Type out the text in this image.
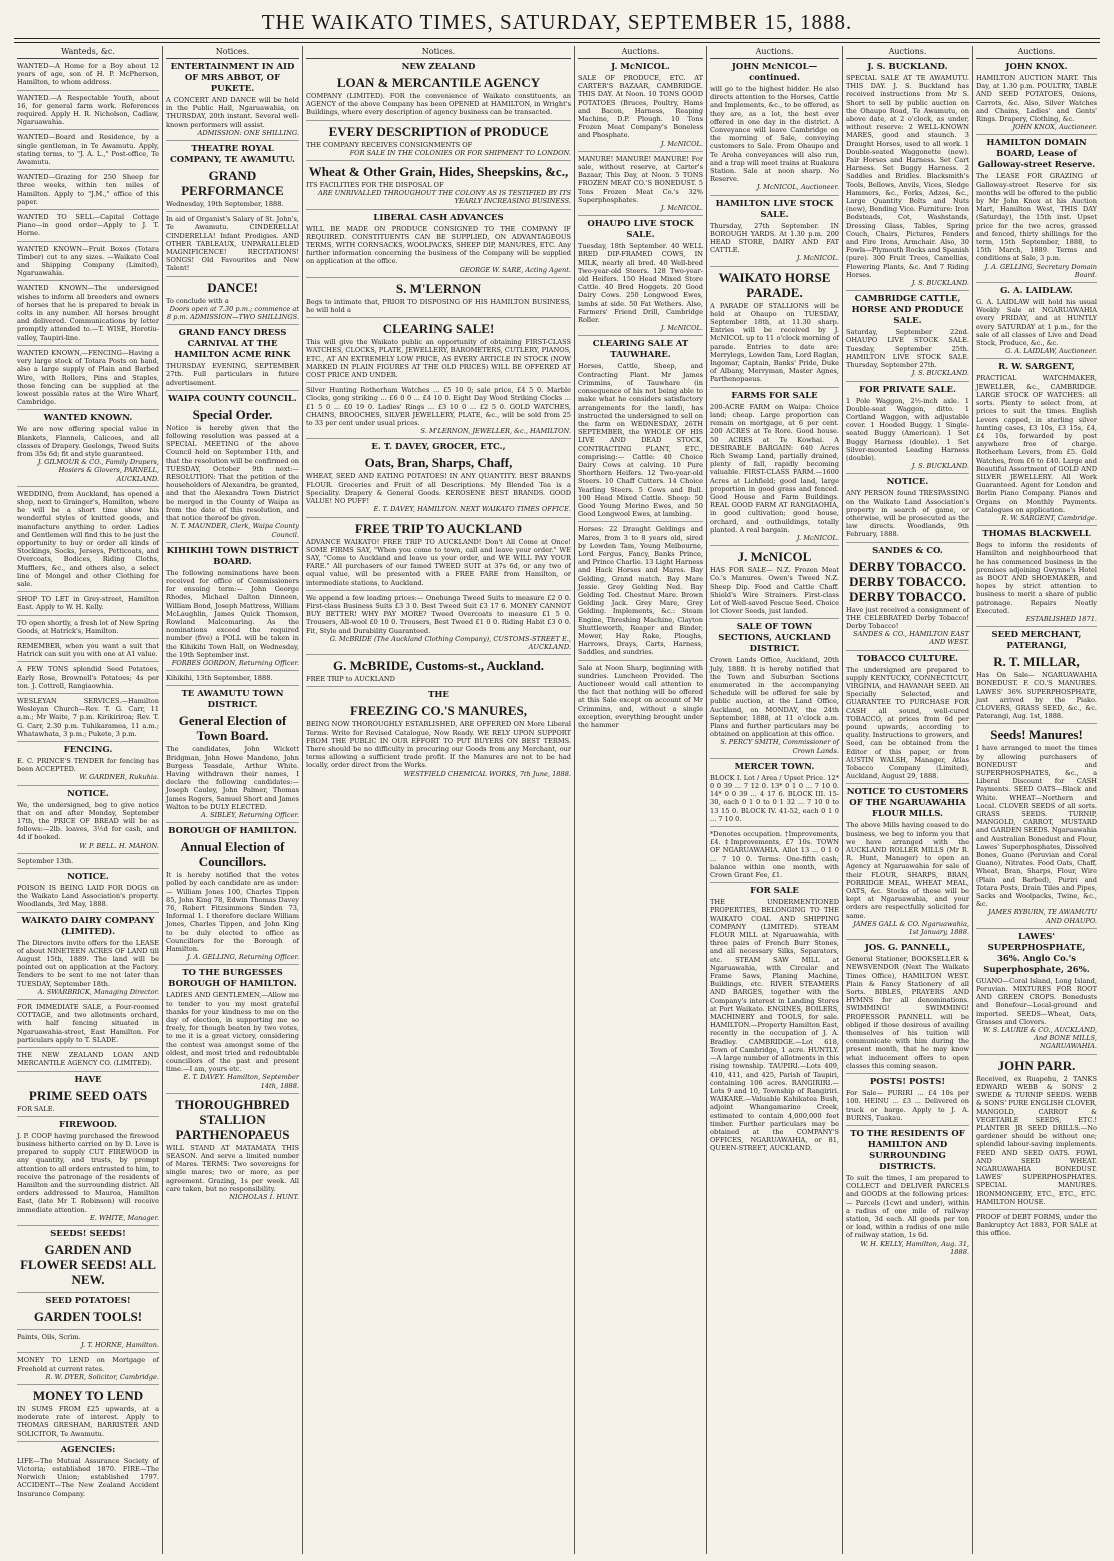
THE WAIKATO TIMES, SATURDAY, SEPTEMBER 15, 1888.
Wanteds, &c.
WANTED—A Home for a Boy about 12 years of age, son of H. P. McPherson, Hamilton, to whom address.
WANTED.—A Respectable Youth, about 16, for general farm work. References required. Apply H. R. Nicholson, Cadlaw, Ngaruawahia.
WANTED—Board and Residence, by a single gentleman, in Te Awamutu. Apply, stating terms, to "J. A. L.," Post-office, Te Awamutu.
WANTED—Grazing for 250 Sheep for three weeks, within ten miles of Hamilton. Apply to "J.M.," office of this paper.
WANTED TO SELL—Capital Cottage Piano—in good order—Apply to J. T. Horne.
WANTED KNOWN—Fruit Boxes (Totara Timber) cut to any sizes. —Waikato Coal and Shipping Company (Limited), Ngaruawahia.
WANTED KNOWN—The undersigned wishes to inform all breeders and owners of horses that he is prepared to break in colts in any number. All horses brought and delivered. Communications by letter promptly attended to.—T. WISE, Horotiu-valley, Taupiri-line.
WANTED KNOWN,—FENCING—Having a very large stock of Totara Posts on hand, also a large supply of Plain and Barbed Wire, with Rollers, Pins and Staples, those fencing can be supplied at the lowest possible rates at the Wire Wharf, Cambridge.
WANTED KNOWN.
We are now offering special value in Blankets, Flannels, Calicoes, and all classes of Drapery. Geelongs, Tweed Suits from 35s 6d; fit and style guaranteed.
J. GILMOUR & CO., Family Drapers, Hosiers & Glovers, PARNELL, AUCKLAND.
WEDDING, from Auckland, has opened a shop, next to Grainger's, Hamilton, where he will be a short time show his wonderful styles of knitted goods, and manufacture anything to order. Ladies and Gentlemen will find this to be just the opportunity to buy or order all kinds of Stockings, Socks, Jerseys, Petticoats, and Overcoats, Bodices, Riding Cloths, Mufflers, &c., and others also, a select line of Mongel and other Clothing for sale.
SHOP TO LET in Grey-street, Hamilton East. Apply to W. H. Kelly.
TO open shortly, a fresh lot of New Spring Goods, at Hatrick's, Hamilton.
REMEMBER, when you want a suit that Hatrick can suit you with one at A1 value.
A FEW TONS splendid Seed Potatoes, Early Rose, Brownell's Potatoes; 4s per ton. J. Cottrell, Rangiaowhia.
WESLEYAN SERVICES.—Hamilton Wesleyan Church—Rev. T. G. Carr, 11 a.m.; Mr Waite, 7 p.m. Kirikiriroa; Rev. T. G. Carr, 2.30 p.m. Tuhikaramea, 11 a.m.; Whatawhata, 3 p.m.; Pukete, 3 p.m.
FENCING.
E. C. PRINCE'S TENDER for fencing has been ACCEPTED.
W. GARDNER, Rukuhia.
NOTICE.
We, the undersigned, beg to give notice that on and after Monday, September 17th, the PRICE OF BREAD will be as follows:—2lb. loaves, 3½d for cash, and 4d if booked.
W. P. BELL. H. MAHON.
September 13th.
NOTICE.
POISON IS BEING LAID FOR DOGS on the Waikato Land Association's property. Woodlands, 3rd May, 1888.
WAIKATO DAIRY COMPANY (LIMITED).
The Directors invite offers for the LEASE of about NINETEEN ACRES OF LAND till August 15th, 1889. The land will be pointed out on application at the Factory. Tenders to be sent to me not later than TUESDAY, September 18th.
A. SWARBRICK, Managing Director.
FOR IMMEDIATE SALE, a Four-roomed COTTAGE, and two allotments orchard, with half fencing situated in Ngaruawahia-street, East Hamilton. For particulars apply to T. SLADE.
THE NEW ZEALAND LOAN AND MERCANTILE AGENCY CO. (LIMITED).
HAVE
PRIME SEED OATS
FOR SALE.
FIREWOOD.
J. P. COOP having purchased the firewood business hitherto carried on by D. Love is prepared to supply CUT FIREWOOD in any quantity, and trusts, by prompt attention to all orders entrusted to him, to receive the patronage of the residents of Hamilton and the surrounding district. All orders addressed to Mauroa, Hamilton East, (late Mr T. Robinson) will receive immediate attention.
E. WHITE, Manager.
SEEDS! SEEDS!
GARDEN AND FLOWER SEEDS! ALL NEW.
SEED POTATOES!
GARDEN TOOLS!
Paints, Oils, Scrim.
J. T. HORNE, Hamilton.
MONEY TO LEND on Mortgage of Freehold at current rates.
R. W. DYER, Solicitor, Cambridge.
MONEY TO LEND
IN SUMS FROM £25 upwards, at a moderate rate of interest. Apply to THOMAS GRESHAM, BARRISTER AND SOLICITOR, Te Awamutu.
AGENCIES:
LIFE—The Mutual Assurance Society of Victoria; established 1870. FIRE—The Norwich Union; established 1797. ACCIDENT—The New Zealand Accident Insurance Company.
Notices.
ENTERTAINMENT IN AID OF MRS ABBOT, OF PUKETE.
A CONCERT AND DANCE will be held in the Public Hall, Ngaruawahia, on THURSDAY, 20th instant. Several well-known performers will assist.
ADMISSION: ONE SHILLING.
THEATRE ROYAL COMPANY, TE AWAMUTU.
GRAND PERFORMANCE
Wednesday, 19th September, 1888.
In aid of Organist's Salary of St. John's, Te Awamutu. CINDERELLA! CINDERELLA! Infant Prodigies. AND OTHER TABLEAUX, UNPARALLELED MAGNIFICENCE! RECITATIONS! SONGS! Old Favourites and New Talent!
DANCE!
To conclude with a
Doors open at 7.30 p.m.; commence at 8 p.m. ADMISSION—TWO SHILLINGS.
GRAND FANCY DRESS CARNIVAL AT THE HAMILTON ACME RINK
THURSDAY EVENING, SEPTEMBER 27th. Full particulars in future advertisement.
WAIPA COUNTY COUNCIL.
Special Order.
Notice is hereby given that the following resolution was passed at a SPECIAL MEETING of the above Council held on September 11th, and that the resolution will be confirmed on TUESDAY, October 9th next:—RESOLUTION: That the petition of the householders of Alexandra, be granted, and that the Alexandra Town District be merged in the County of Waipa as from the date of this resolution, and that notice thereof be given.
N. T. MAUNDER, Clerk, Waipa County Council.
KIHIKIHI TOWN DISTRICT BOARD.
The following nominations have been received for office of Commissioners for ensuing term:— John George Rhodes, Michael Dalton Dinneen, William Bond, Joseph Mattress, William McLaughlin, James Quick Thomson, Rowland Malcomaring. As the nominations exceed the required number (five) a POLL will be taken in the Kihikihi Town Hall, on Wednesday, the 19th September inst.
FORBES GORDON, Returning Officer.
Kihikihi, 13th September, 1888.
TE AWAMUTU TOWN DISTRICT.
General Election of Town Board.
The candidates, John Wickett Bridgman, John Howe Mandeno, John Burgess Teasdale, Arthur White. Having withdrawn their names, I declare the following candidates:— Joseph Cauley, John Palmer, Thomas James Rogers, Samuel Short and James Walton to be DULY ELECTED.
A. SIBLEY, Returning Officer.
BOROUGH OF HAMILTON.
Annual Election of Councillors.
It is hereby notified that the votes polled by each candidate are as under:— William Jones 100, Charles Tippen 85, John King 78, Edwin Thomas Davey 76, Robert Fitzsimmons Sinden 73, Informal 1. I therefore declare William Jones, Charles Tippen, and John King to be duly elected to office as Councillors for the Borough of Hamilton.
J. A. GELLING, Returning Officer.
TO THE BURGESSES BOROUGH OF HAMILTON.
LADIES AND GENTLEMEN,—Allow me to tender to you my most grateful thanks for your kindness to me on the day of election, in supporting me so freely, for though beaten by two votes, to me it is a great victory, considering the contest was amongst some of the oldest, and most tried and redoubtable councillors of the past and present time.—I am, yours etc.
E. T. DAVEY. Hamilton, September 14th, 1888.
THOROUGHBRED STALLION PARTHENOPAEUS
WILL STAND AT MATAMATA THIS SEASON. And serve a limited number of Mares. TERMS: Two sovereigns for single mares; two or more, as per agreement. Grazing, 1s per week. All care taken, but no responsibility.
NICHOLAS I. HUNT.
Notices.
NEW ZEALAND
LOAN & MERCANTILE AGENCY
COMPANY (LIMITED). FOR the convenience of Waikato constituents, an AGENCY of the above Company has been OPENED at HAMILTON, in Wright's Buildings, where every description of agency business can be transacted.
EVERY DESCRIPTION of PRODUCE
THE COMPANY RECEIVES CONSIGNMENTS OF
FOR SALE IN THE COLONIES OR FOR SHIPMENT TO LONDON.
Wheat & Other Grain, Hides, Sheepskins, &c.,
ITS FACILITIES FOR THE DISPOSAL OF
ARE UNRIVALLED THROUGHOUT THE COLONY AS IS TESTIFIED BY ITS YEARLY INCREASING BUSINESS.
LIBERAL CASH ADVANCES
WILL BE MADE ON PRODUCE CONSIGNED TO THE COMPANY IF REQUIRED. CONSTITUENTS CAN BE SUPPLIED, ON ADVANTAGEOUS TERMS, WITH CORNSACKS, WOOLPACKS, SHEEP DIP, MANURES, ETC. Any further information concerning the business of the Company will be supplied on application at the office.
GEORGE W. SARE, Acting Agent.
S. M'LERNON
Begs to intimate that, PRIOR TO DISPOSING OF HIS HAMILTON BUSINESS, he will hold a
CLEARING SALE!
This will give the Waikato public an opportunity of obtaining FIRST-CLASS WATCHES, CLOCKS, PLATE, JEWELLERY, BAROMETERS, CUTLERY, PIANOS, ETC., AT AN EXTREMELY LOW PRICE, AS EVERY ARTICLE IN STOCK (NOW MARKED IN PLAIN FIGURES AT THE OLD PRICES) WILL BE OFFERED AT COST PRICE AND UNDER.
Silver Hunting Rotherham Watches ... £5 10 0; sale price, £4 5 0. Marble Clocks, gong striking ... £6 0 0 ... £4 10 0. Eight Day Wood Striking Clocks ... £1 5 0 ... £0 19 0. Ladies' Rings ... £3 10 0 ... £2 5 0. GOLD WATCHES, CHAINS, BROOCHES, SILVER JEWELLERY, PLATE, &c., will be sold from 25 to 33 per cent under usual prices.
S. M'LERNON, JEWELLER, &c., HAMILTON.
E. T. DAVEY, GROCER, ETC.,
Oats, Bran, Sharps, Chaff,
WHEAT, SEED AND EATING POTATOES! IN ANY QUANTITY. BEST BRANDS FLOUR. Groceries and Fruit of all Descriptions. My Blended Tea is a Speciality. Drapery & General Goods. KEROSENE BEST BRANDS. GOOD VALUE! NO PUFF!
E. T. DAVEY, HAMILTON. NEXT WAIKATO TIMES OFFICE.
FREE TRIP TO AUCKLAND
ADVANCE WAIKATO! FREE TRIP TO AUCKLAND! Don't All Come at Once! SOME FIRMS SAY, "When you come to town, call and leave your order." WE SAY, "Come to Auckland and leave us your order, and WE WILL PAY YOUR FARE." All purchasers of our famed TWEED SUIT at 37s 6d, or any two of equal value, will be presented with a FREE FARE from Hamilton, or intermediate stations, to Auckland.
We append a few leading prices:— Onehunga Tweed Suits to measure £2 0 0. First-class Business Suits £3 3 0. Best Tweed Suit £3 17 6. MONEY CANNOT BUY BETTER! WHY PAY MORE? Tweed Overcoats to measure £1 5 0. Trousers, All-wool £0 10 0. Trousers, Best Tweed £1 0 0. Riding Habit £3 0 0. Fit, Style and Durability Guaranteed.
G. McBRIDE (The Auckland Clothing Company), CUSTOMS-STREET E., AUCKLAND.
G. McBRIDE, Customs-st., Auckland.
FREE TRIP to AUCKLAND
THE
FREEZING CO.'S MANURES,
BEING NOW THOROUGHLY ESTABLISHED, ARE OFFERED ON More Liberal Terms. Write for Revised Catalogue, Now Ready. WE RELY UPON SUPPORT FROM THE PUBLIC IN OUR EFFORT TO PUT BUYERS ON BEST TERMS. There should be no difficulty in procuring our Goods from any Merchant, our terms allowing a sufficient trade profit. If the Manures are not to be had locally, order direct from the Works.
WESTFIELD CHEMICAL WORKS, 7th June, 1888.
Auctions.
J. McNICOL.
SALE OF PRODUCE, ETC. AT CARTER'S BAZAAR, CAMBRIDGE. THIS DAY. At Noon. 10 TONS GOOD POTATOES (Bruces, Poultry, Hams and Bacon, Harness, Reaping Machine, D.P. Plough. 10 Tons Frozen Meat Company's Boneless and Phosphate.
J. McNICOL.
MANURE! MANURE! MANURE! For sale, without reserve, at Carter's Bazaar, This Day, at Noon. 5 TONS FROZEN MEAT CO.'S BONEDUST. 5 Tons Frozen Meat Co.'s 32% Superphosphates.
J. McNICOL.
OHAUPO LIVE STOCK SALE.
Tuesday, 18th September. 40 WELL BRED DIP-FRAMED COWS, IN MILK, nearly all bred. 40 Well-bred Two-year-old Steers. 128 Two-year-old Heifers. 150 Head Mixed Store Cattle. 40 Bred Hoggets. 20 Good Dairy Cows. 250 Longwood Ewes, lambs at side. 50 Fat Wethers. Also, Farmers' Friend Drill, Cambridge Roller.
J. McNICOL.
CLEARING SALE AT TAUWHARE.
Horses, Cattle, Sheep, and Contracting Plant. Mr James Crimmins, of Tauwhare (in consequence of his not being able to make what he considers satisfactory arrangements for the land), has instructed the undersigned to sell on the farm on WEDNESDAY, 26TH SEPTEMBER, the WHOLE OF HIS LIVE AND DEAD STOCK, CONTRACTING PLANT, ETC., comprising:— Cattle: 40 Choice Dairy Cows at calving. 10 Pure Shorthorn Heifers. 12 Two-year-old Steers. 10 Chaff Cutters. 14 Choice Yearling Steers. 5 Cows and Bull. 100 Head Mixed Cattle. Sheep: 50 Good Young Merino Ewes, and 50 Good Longwool Ewes, at lambing.
Horses: 22 Draught Geldings and Mares, from 3 to 8 years old, sired by Lowden Tam, Young Melbourne, Lord Fergus, Fancy, Banks Prince, and Prince Charlie. 13 Light Harness and Hack Horses and Mares. Bay Gelding, Grand match. Bay Mare Jessie. Grey Gelding Ned. Bay Gelding Ted. Chestnut Mare. Brown Gelding Jack. Grey Mare, Grey Gelding. Implements, &c.: Steam Engine, Threshing Machine, Clayton Shuttleworth, Reaper and Binder, Mower, Hay Rake, Ploughs, Harrows, Drays, Carts, Harness, Saddles, and sundries.
Sale at Noon Sharp, beginning with sundries. Luncheon Provided. The Auctioneer would call attention to the fact that nothing will be offered at this Sale except on account of Mr Crimmins, and, without a single exception, everything brought under the hammer
Auctions.
JOHN McNICOL—continued.
will go to the highest bidder. He also directs attention to the Horses, Cattle and Implements, &c., to be offered, as they are, as a lot, the best ever offered in one day in the district. A Conveyance will leave Cambridge on the morning of Sale, conveying customers to Sale. From Ohaupo and Te Aroha conveyances will also run, and a trap will meet trains at Ruakura Station. Sale at noon sharp. No Reserve.
J. McNICOL, Auctioneer.
HAMILTON LIVE STOCK SALE.
Thursday, 27th September. IN BOROUGH YARDS. At 1.30 p.m. 200 HEAD STORE, DAIRY AND FAT CATTLE.
J. McNICOL.
WAIKATO HORSE PARADE.
A PARADE OF STALLIONS will be held at Ohaupo on TUESDAY, September 18th, at 11.30 sharp. Entries will be received by J. McNICOL up to 11 o'clock morning of parade. Entries to date are: Merrylegs, Lowden Tam, Lord Raglan, Ingomar, Captain, Banks' Pride, Duke of Albany, Merryman, Master Agnes, Parthenopaeus.
FARMS FOR SALE
200-ACRE FARM on Waipa: Choice land; cheap. Large proportion can remain on mortgage, at 6 per cent. 200 ACRES at Te Rore. Good house. 50 ACRES at Te Kowhai. A DESIRABLE BARGAIN: 640 Acres Rich Swamp Land, partially drained, plenty of fall, rapidly becoming valuable. FIRST-CLASS FARM.—1600 Acres at Lichfield; good land, large proportion in good grass and fenced. Good House and Farm Buildings. REAL GOOD FARM AT RANGIAOHIA, in good cultivation; good house, orchard, and outbuildings, totally planted. A real bargain.
J. McNICOL.
J. McNICOL
HAS FOR SALE— N.Z. Frozen Meat Co.'s Manures. Owen's Tweed N.Z. Sheep Dip. Food and Cattle Chaff. Shield's Wire Strainers. First-class Lot of Well-saved Fescue Seed. Choice lot Clover Seeds, just landed.
SALE OF TOWN SECTIONS, AUCKLAND DISTRICT.
Crown Lands Office, Auckland, 20th July, 1888. It is hereby notified that the Town and Suburban Sections enumerated in the accompanying Schedule will be offered for sale by public auction, at the Land Office, Auckland, on MONDAY, the 24th September, 1888, at 11 o'clock a.m. Plans and further particulars may be obtained on application at this office.
S. PERCY SMITH, Commissioner of Crown Lands.
MERCER TOWN.
BLOCK I. Lot / Area / Upset Price. 12* 0 0 39 ... 7 12 0. 13* 0 1 0 ... 7 10 0. 14* 0 0 39 ... 4 17 6. BLOCK III. 15-30, each 0 1 0 to 0 1 32 ... 7 10 0 to 13 15 0. BLOCK IV. 41-52, each 0 1 0 ... 7 10 0.
*Denotes occupation. †Improvements, £4. ‡Improvements, £7 10s. TOWN OF NGARUAWAHIA. Allot 13 ... 0 1 0 ... 7 10 0. Terms: One-fifth cash; balance within one month, with Crown Grant Fee, £1.
FOR SALE
THE UNDERMENTIONED PROPERTIES, BELONGING TO THE WAIKATO COAL AND SHIPPING COMPANY (LIMITED). STEAM FLOUR MILL at Ngaruawahia, with three pairs of French Burr Stones, and all necessary Silks, Separators, etc. STEAM SAW MILL at Ngaruawahia, with Circular and Frame Saws, Planing Machine, Buildings, etc. RIVER STEAMERS AND BARGES, together with the Company's interest in Landing Stores at Port Waikato. ENGINES, BOILERS, MACHINERY and TOOLS, for sale. HAMILTON.—Property Hamilton East, recently in the occupation of J. A. Bradley. CAMBRIDGE.—Lot 618, Town of Cambridge, 1 acre. HUNTLY.—A large number of allotments in this rising township. TAUPIRI.—Lots 409, 410, 411, and 425, Parish of Taupiri, containing 106 acres. RANGIRIRI.—Lots 9 and 10, Township of Rangiriri. WAIKARE.—Valuable Kahikatea Bush, adjoint Whangamarino Creek, estimated to contain 4,000,000 feet timber. Further particulars may be obtained at the COMPANY'S OFFICES, NGARUAWAHIA, or 81, QUEEN-STREET, AUCKLAND.
Auctions.
J. S. BUCKLAND.
SPECIAL SALE AT TE AWAMUTU. THIS DAY. J. S. Buckland has received instructions from Mr S. Short to sell by public auction on the Ohaupo Road, Te Awamutu, on above date, at 2 o'clock, as under, without reserve: 2 WELL-KNOWN MARES, good and staunch. 3 Draught Horses, used to all work. 1 Double-seated Waggonette (new). Pair Horses and Harness. Set Cart Harness. Set Buggy Harness. 2 Saddles and Bridles. Blacksmith's Tools, Bellows, Anvils, Vices, Sledge Hammers, &c., Forks, Adzes, &c., Large Quantity Bolts and Nuts (new), Bending Vice. Furniture: Iron Bedsteads, Cot, Washstands, Dressing Glass, Tables, Spring Couch, Chairs, Pictures, Fenders and Fire Irons, Armchair. Also, 30 Fowls—Plymouth Rocks and Spanish (pure). 300 Fruit Trees, Camellias, Flowering Plants, &c. And 7 Riding Horses.
J. S. BUCKLAND.
CAMBRIDGE CATTLE, HORSE AND PRODUCE SALE.
Saturday, September 22nd. OHAUPO LIVE STOCK SALE. Tuesday, September 25th. HAMILTON LIVE STOCK SALE. Thursday, September 27th.
J. S. BUCKLAND.
FOR PRIVATE SALE.
1 Pole Waggon, 2½-inch axle. 1 Double-seat Waggon, ditto. 1 Cortland Waggon, with adjustable cover. 1 Hooded Buggy. 1 Single-seated Buggy (American). 1 Set Buggy Harness (double). 1 Set Silver-mounted Leading Harness (double).
J. S. BUCKLAND.
NOTICE.
ANY PERSON found TRESPASSING on the Waikato Land Association's property in search of game, or otherwise, will be prosecuted as the law directs. Woodlands, 9th February, 1888.
SANDES & CO.
DERBY TOBACCO. DERBY TOBACCO. DERBY TOBACCO.
Have just received a consignment of THE CELEBRATED Derby Tobacco! Derby Tobacco!
SANDES & CO., HAMILTON EAST AND WEST.
TOBACCO CULTURE.
The undersigned are prepared to supply KENTUCKY, CONNECTICUT, VIRGINIA, and HAVANAH SEED. All Specially Selected, and GUARANTEE TO PURCHASE FOR CASH all sound, well-cured TOBACCO, at prices from 6d per pound upwards, according to quality. Instructions to growers, and Seed, can be obtained from the Editor of this paper, or from AUSTIN WALSH, Manager, Atlas Tobacco Company (Limited), Auckland, August 29, 1888.
NOTICE TO CUSTOMERS OF THE NGARUAWAHIA FLOUR MILLS.
The above Mills having ceased to do business, we beg to inform you that we have arranged with the AUCKLAND ROLLER MILLS (Mr R. R. Hunt, Manager) to open an Agency at Ngaruawahia for sale of their FLOUR, SHARPS, BRAN, PORRIDGE MEAL, WHEAT MEAL, OATS, &c. Stocks of these will be kept at Ngaruawahia, and your orders are respectfully solicited for same.
JAMES GALL & CO. Ngaruawahia, 1st January, 1888.
JOS. G. PANNELL,
General Stationer, BOOKSELLER & NEWSVENDOR (Next The Waikato Times Office), HAMILTON WEST. Plain & Fancy Stationery of all Sorts. BIBLES, PRAYERS AND HYMNS for all denominations. SWIMMING! SWIMMING! PROFESSOR PANNELL will be obliged if those desirous of availing themselves of his tuition will communicate with him during the present month, that he may know what inducement offers to open classes this coming season.
POSTS! POSTS!
For Sale— PURIRI ... £4 10s per 100. HEINU ... £3 ... Delivered on truck or barge. Apply to J. A. BURNS, Tuakau.
TO THE RESIDENTS OF HAMILTON AND SURROUNDING DISTRICTS.
To suit the times, I am prepared to COLLECT and DELIVER PARCELS and GOODS at the following prices:— Parcels (1cwt and under), within a radius of one mile of railway station, 3d each. All goods per ton or load, within a radius of one mile of railway station, 1s 6d.
W. H. KELLY, Hamilton, Aug. 31, 1888.
Auctions.
JOHN KNOX.
HAMILTON AUCTION MART. This Day, at 1.30 p.m. POULTRY, TABLE AND SEED POTATOES, Onions, Carrots, &c. Also, Silver Watches and Chains, Ladies' and Gents' Rings. Drapery, Clothing, &c.
JOHN KNOX, Auctioneer.
HAMILTON DOMAIN BOARD, Lease of Galloway-street Reserve.
The LEASE FOR GRAZING of Galloway-street Reserve for six months will be offered to the public by Mr John Knox at his Auction Mart, Hamilton West, THIS DAY (Saturday), the 15th inst. Upset price for the two acres, grassed and fenced, thirty shillings for the term, 15th September, 1888, to 15th March, 1889. Terms and conditions at Sale, 3 p.m.
J. A. GELLING, Secretary Domain Board.
G. A. LAIDLAW.
G. A. LAIDLAW will hold his usual Weekly Sale at NGARUAWAHIA every FRIDAY, and at HUNTLY every SATURDAY at 1 p.m., for the sale of all classes of Live and Dead Stock, Produce, &c., &c.
G. A. LAIDLAW, Auctioneer.
R. W. SARGENT,
PRACTICAL WATCHMAKER, JEWELLER, &c., CAMBRIDGE. LARGE STOCK OF WATCHES: all sorts. Plenty to select from, at prices to suit the times. English Levers capped, in sterling silver hunting cases, £3 10s, £3 15s, £4, £4 10s, forwarded by post anywhere free of charge. Rotherham Levers, from £5. Gold Watches, from £6 to £40. Large and Beautiful Assortment of GOLD AND SILVER JEWELLERY. All Work Guaranteed. Agent for London and Berlin Piano Company. Pianos and Organs on Monthly Payments. Catalogues on application.
R. W. SARGENT, Cambridge.
THOMAS BLACKWELL
Begs to inform the residents of Hamilton and neighbourhood that he has commenced business in the premises adjoining Gwynne's Hotel as BOOT AND SHOEMAKER, and hopes by strict attention to business to merit a share of public patronage. Repairs Neatly Executed.
ESTABLISHED 1871.
SEED MERCHANT, PATERANGI,
R. T. MILLAR,
Has On Sale— NGARUAWAHIA BONEDUST. F. CO.'S MANURES. LAWES' 36% SUPERPHOSPHATE, just arrived by the Piako. CLOVERS, GRASS SEED, &c., &c. Paterangi, Aug. 1st, 1888.
Seeds! Manures!
I have arranged to meet the times by allowing purchasers of BONEDUST and SUPERPHOSPHATES, &c., a Liberal Discount for CASH Payments. SEED OATS—Black and White. WHEAT—Northern and Local. CLOVER SEEDS of all sorts. GRASS SEEDS. TURNIP, MANGOLD, CARROT, MUSTARD and GARDEN SEEDS. Ngaruawahia and Australian Bonedust and Flour, Lawes' Superphosphates, Dissolved Bones, Guano (Peruvian and Coral Guano), Nitrates. Food Oats, Chaff, Wheat, Bran, Sharps, Flour, Wire (Plain and Barbed), Puriri and Totara Posts, Drain Tiles and Pipes, Sacks and Woolpacks, Twine, &c., &c.
JAMES RYBURN, TE AWAMUTU AND OHAUPO.
LAWES' SUPERPHOSPHATE, 36%. Anglo Co.'s Superphosphate, 26%.
GUANO—Coral Island, Long Island, Peruvian. MIXTURES FOR ROOT AND GREEN CROPS. Bonedusts and Bonefour—Local-ground and imported. SEEDS—Wheat, Oats, Grasses and Clovers.
W. S. LAURIE & CO., AUCKLAND, And BONE MILLS, NGARUAWAHIA.
JOHN PARR.
Received, ex Ruapehu, 2 TANKS EDWARD WEBB & SONS' 2 SWEDE & TURNIP SEEDS. WEBB & SONS' PURE ENGLISH CLOVER, MANGOLD, CARROT & VEGETABLE SEEDS, ETC.! PLANTER JR SEED DRILLS.—No gardener should be without one; splendid labour-saving implements. FEED AND SEED OATS. FOWL AND SEED WHEAT. NGARUAWAHIA BONEDUST. LAWES' SUPERPHOSPHATES. SPECIAL MANURES. IRONMONGERY, ETC., ETC., ETC. HAMILTON HOUSE.
PROOF of DEBT FORMS, under the Bankruptcy Act 1883, FOR SALE at this office.
